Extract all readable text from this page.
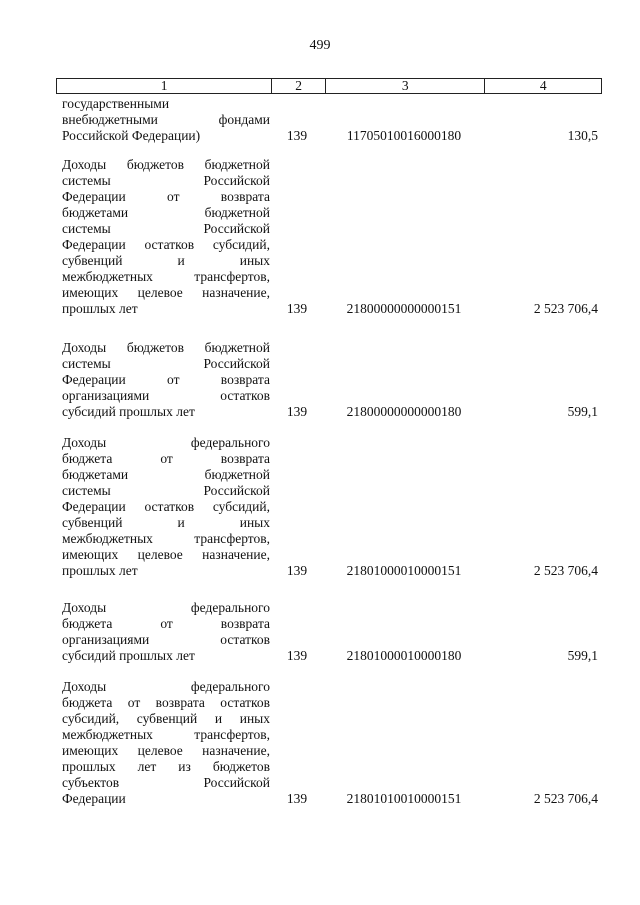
499
1	2	3	4
государственными
внебюджетными фондами
Российской Федерации)	139	11705010016000180	130,5
Доходы бюджетов бюджетной
системы Российской
Федерации от возврата
бюджетами бюджетной
системы Российской
Федерации остатков субсидий,
субвенций и иных
межбюджетных трансфертов,
имеющих целевое назначение,
прошлых лет	139	21800000000000151	2 523 706,4
Доходы бюджетов бюджетной
системы Российской
Федерации от возврата
организациями остатков
субсидий прошлых лет	139	21800000000000180	599,1
Доходы федерального
бюджета от возврата
бюджетами бюджетной
системы Российской
Федерации остатков субсидий,
субвенций и иных
межбюджетных трансфертов,
имеющих целевое назначение,
прошлых лет	139	21801000010000151	2 523 706,4
Доходы федерального
бюджета от возврата
организациями остатков
субсидий прошлых лет	139	21801000010000180	599,1
Доходы федерального
бюджета от возврата остатков
субсидий, субвенций и иных
межбюджетных трансфертов,
имеющих целевое назначение,
прошлых лет из бюджетов
субъектов Российской
Федерации	139	21801010010000151	2 523 706,4
